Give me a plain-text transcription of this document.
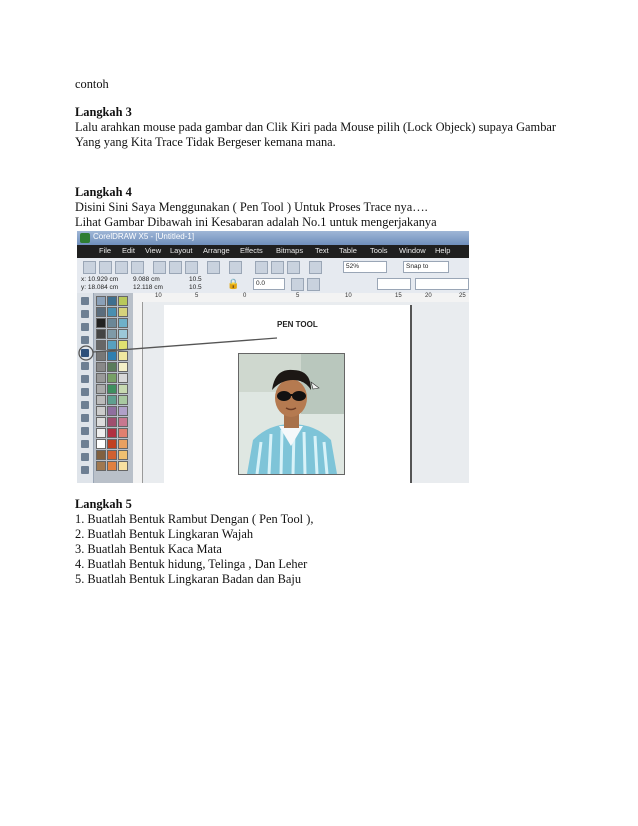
contoh
Langkah 3
Lalu arahkan mouse pada gambar dan Clik Kiri pada Mouse pilih (Lock Objeck) supaya Gambar
Yang yang Kita Trace Tidak Bergeser kemana mana.
Langkah 4
Disini Sini Saya Menggunakan ( Pen Tool ) Untuk Proses Trace nya….
Lihat Gambar Dibawah ini Kesabaran adalah No.1 untuk mengerjakanya
CorelDRAW X5 - [Untitled-1]
File Edit View Layout Arrange Effects Bitmaps Text Table Tools Window Help
52%	Snap to
x: 10.929 cm
y: 18.084 cm
9.088 cm
12.118 cm
10.5
10.5	🔒	0.0
10	5	0	5	10	15	20	25
PEN TOOL
Langkah 5
1. Buatlah Bentuk Rambut Dengan ( Pen Tool ),
2. Buatlah Bentuk Lingkaran Wajah
3. Buatlah Bentuk Kaca Mata
4. Buatlah Bentuk hidung, Telinga , Dan Leher
5. Buatlah Bentuk Lingkaran Badan dan Baju
